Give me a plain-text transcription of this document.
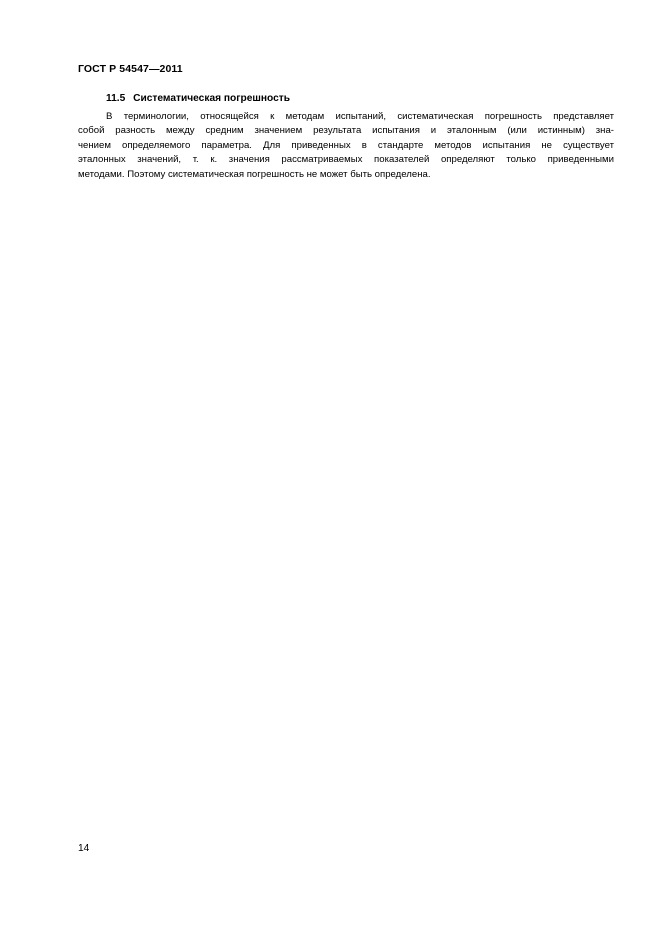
ГОСТ Р 54547—2011
11.5 Систематическая погрешность
В терминологии, относящейся к методам испытаний, систематическая погрешность представляет
собой разность между средним значением результата испытания и эталонным (или истинным) зна-
чением определяемого параметра. Для приведенных в стандарте методов испытания не существует
эталонных значений, т. к. значения рассматриваемых показателей определяют только приведенными
методами. Поэтому систематическая погрешность не может быть определена.
14
